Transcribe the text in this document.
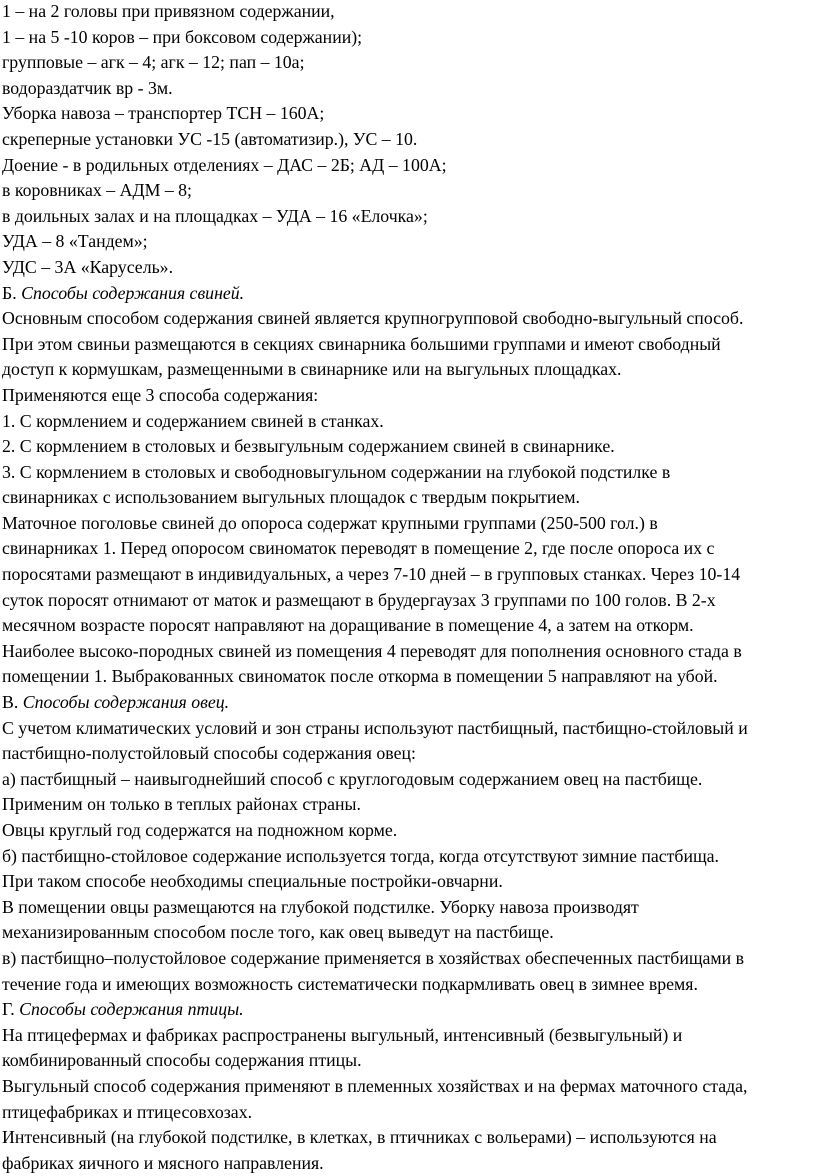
1 – на 2 головы при привязном содержании,
1 – на 5 -10 коров – при боксовом содержании);
групповые – агк – 4; агк – 12; пап – 10а;
водораздатчик вр - 3м.
Уборка навоза – транспортер ТСН – 160А;
скреперные установки УС -15 (автоматизир.), УС – 10.
Доение - в родильных отделениях – ДАС – 2Б; АД – 100А;
в коровниках – АДМ – 8;
в доильных залах и на площадках – УДА – 16 «Елочка»;
УДА – 8 «Тандем»;
УДС – 3А «Карусель».
Б. Способы содержания свиней.
Основным способом содержания свиней является крупногрупповой свободно-выгульный способ.
При этом свиньи размещаются в секциях свинарника большими группами и имеют свободный
доступ к кормушкам, размещенными в свинарнике или на выгульных площадках.
Применяются еще 3 способа содержания:
1. С кормлением и содержанием свиней в станках.
2. С кормлением в столовых и безвыгульным содержанием свиней в свинарнике.
3. С кормлением в столовых и свободновыгульном содержании на глубокой подстилке в
свинарниках с использованием выгульных площадок с твердым покрытием.
Маточное поголовье свиней до опороса содержат крупными группами (250-500 гол.) в
свинарниках 1. Перед опоросом свиноматок переводят в помещение 2, где после опороса их с
поросятами размещают в индивидуальных, а через 7-10 дней – в групповых станках. Через 10-14
суток поросят отнимают от маток и размещают в брудергаузах 3 группами по 100 голов. В 2-х
месячном возрасте поросят направляют на доращивание в помещение 4, а затем на откорм.
Наиболее высоко-породных свиней из помещения 4 переводят для пополнения основного стада в
помещении 1. Выбракованных свиноматок после откорма в помещении 5 направляют на убой.
В. Способы содержания овец.
С учетом климатических условий и зон страны используют пастбищный, пастбищно-стойловый и
пастбищно-полустойловый способы содержания овец:
а) пастбищный – наивыгоднейший способ с круглогодовым содержанием овец на пастбище.
Применим он только в теплых районах страны.
Овцы круглый год содержатся на подножном корме.
б) пастбищно-стойловое содержание используется тогда, когда отсутствуют зимние пастбища.
При таком способе необходимы специальные постройки-овчарни.
В помещении овцы размещаются на глубокой подстилке. Уборку навоза производят
механизированным способом после того, как овец выведут на пастбище.
в) пастбищно–полустойловое содержание применяется в хозяйствах обеспеченных пастбищами в
течение года и имеющих возможность систематически подкармливать овец в зимнее время.
Г. Способы содержания птицы.
На птицефермах и фабриках распространены выгульный, интенсивный (безвыгульный) и
комбинированный способы содержания птицы.
Выгульный способ содержания применяют в племенных хозяйствах и на фермах маточного стада,
птицефабриках и птицесовхозах.
Интенсивный (на глубокой подстилке, в клетках, в птичниках с вольерами) – используются на
фабриках яичного и мясного направления.
